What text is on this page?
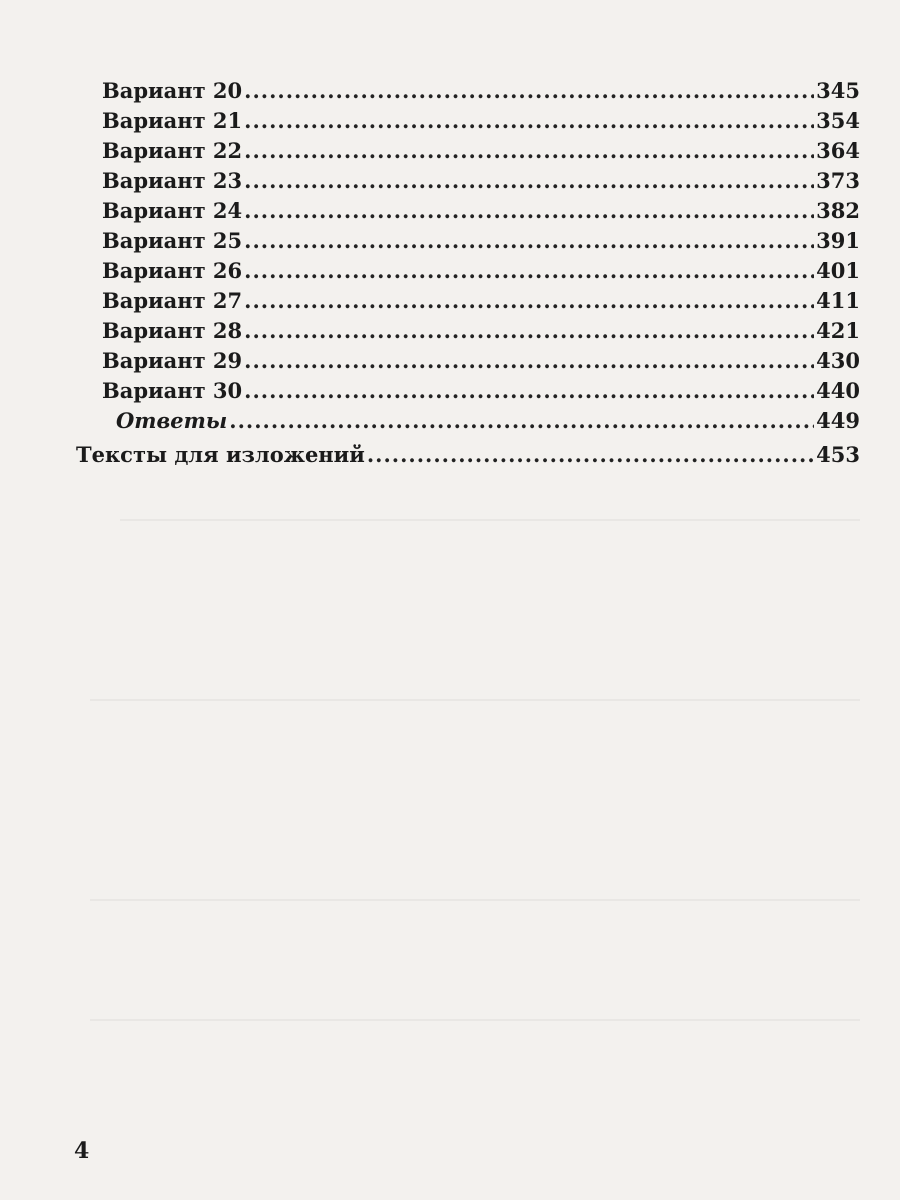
Вариант 20 .....	345
Вариант 21 .....	354
Вариант 22 .....	364
Вариант 23 .....	373
Вариант 24 .....	382
Вариант 25 .....	391
Вариант 26 .....	401
Вариант 27 .....	411
Вариант 28 .....	421
Вариант 29 .....	430
Вариант 30 .....	440
Ответы .....	449
Тексты для изложений .....	453
4
